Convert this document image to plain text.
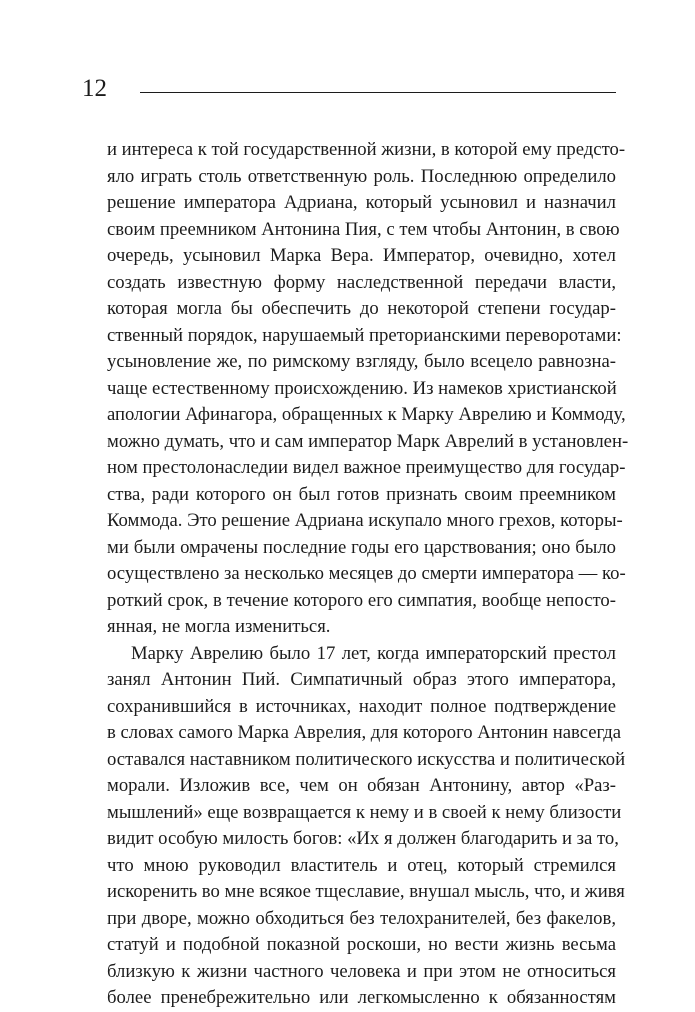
12
и интереса к той государственной жизни, в которой ему предсто-
яло играть столь ответственную роль. Последнюю определило
решение императора Адриана, который усыновил и назначил
своим преемником Антонина Пия, с тем чтобы Антонин, в свою
очередь, усыновил Марка Вера. Император, очевидно, хотел
создать известную форму наследственной передачи власти,
которая могла бы обеспечить до некоторой степени государ-
ственный порядок, нарушаемый преторианскими переворотами:
усыновление же, по римскому взгляду, было всецело равнозна-
чаще естественному происхождению. Из намеков христианской
апологии Афинагора, обращенных к Марку Аврелию и Коммоду,
можно думать, что и сам император Марк Аврелий в установлен-
ном престолонаследии видел важное преимущество для государ-
ства, ради которого он был готов признать своим преемником
Коммода. Это решение Адриана искупало много грехов, которы-
ми были омрачены последние годы его царствования; оно было
осуществлено за несколько месяцев до смерти императора — ко-
роткий срок, в течение которого его симпатия, вообще непосто-
янная, не могла измениться.
Марку Аврелию было 17 лет, когда императорский престол
занял Антонин Пий. Симпатичный образ этого императора,
сохранившийся в источниках, находит полное подтверждение
в словах самого Марка Аврелия, для которого Антонин навсегда
оставался наставником политического искусства и политической
морали. Изложив все, чем он обязан Антонину, автор «Раз-
мышлений» еще возвращается к нему и в своей к нему близости
видит особую милость богов: «Их я должен благодарить и за то,
что мною руководил властитель и отец, который стремился
искоренить во мне всякое тщеславие, внушал мысль, что, и живя
при дворе, можно обходиться без телохранителей, без факелов,
статуй и подобной показной роскоши, но вести жизнь весьма
близкую к жизни частного человека и при этом не относиться
более пренебрежительно или легкомысленно к обязанностям
